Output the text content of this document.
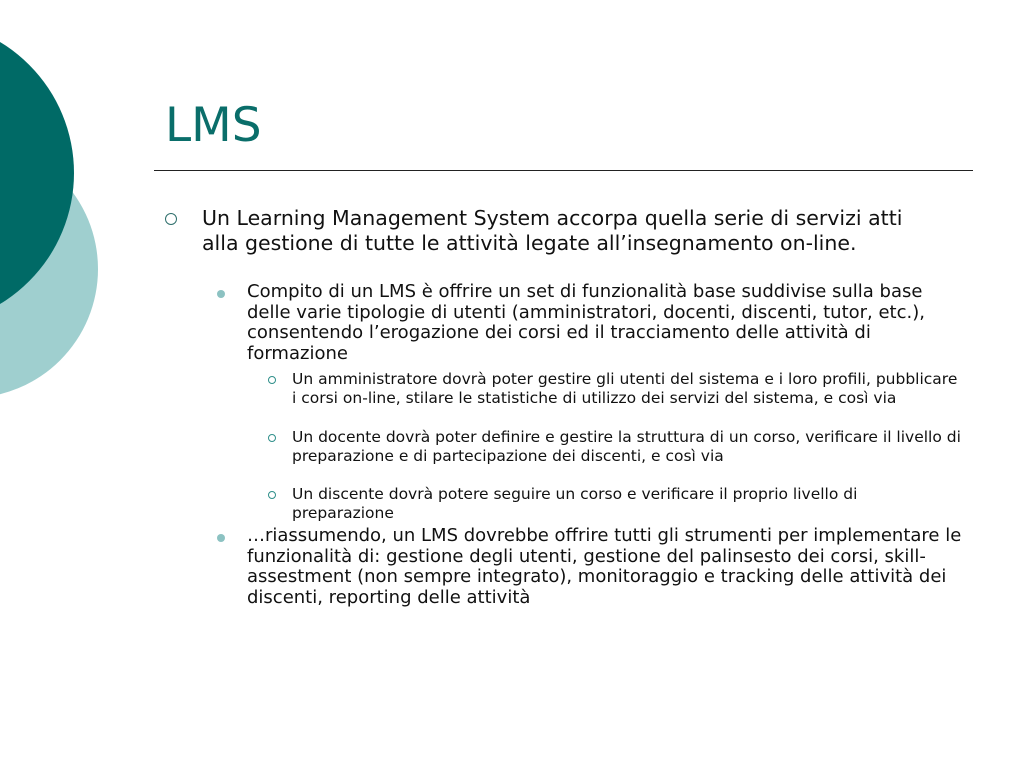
LMS
Un Learning Management System accorpa quella serie di servizi atti alla gestione di tutte le attività legate all’insegnamento on-line.
Compito di un LMS è offrire un set di funzionalità base suddivise sulla base delle varie tipologie di utenti (amministratori, docenti, discenti, tutor, etc.), consentendo l’erogazione dei corsi ed il tracciamento delle attività di formazione
Un amministratore dovrà poter gestire gli utenti del sistema e i loro profili, pubblicare i corsi on-line, stilare le statistiche di utilizzo dei servizi del sistema, e così via
Un docente dovrà poter definire e gestire la struttura di un corso, verificare il livello di preparazione e di partecipazione dei discenti, e così via
Un discente dovrà potere seguire un corso e verificare il proprio livello di preparazione
…riassumendo, un LMS dovrebbe offrire tutti gli strumenti per implementare le funzionalità di: gestione degli utenti, gestione del palinsesto dei corsi, skill-assestment (non sempre integrato), monitoraggio e tracking delle attività dei discenti, reporting delle attività
